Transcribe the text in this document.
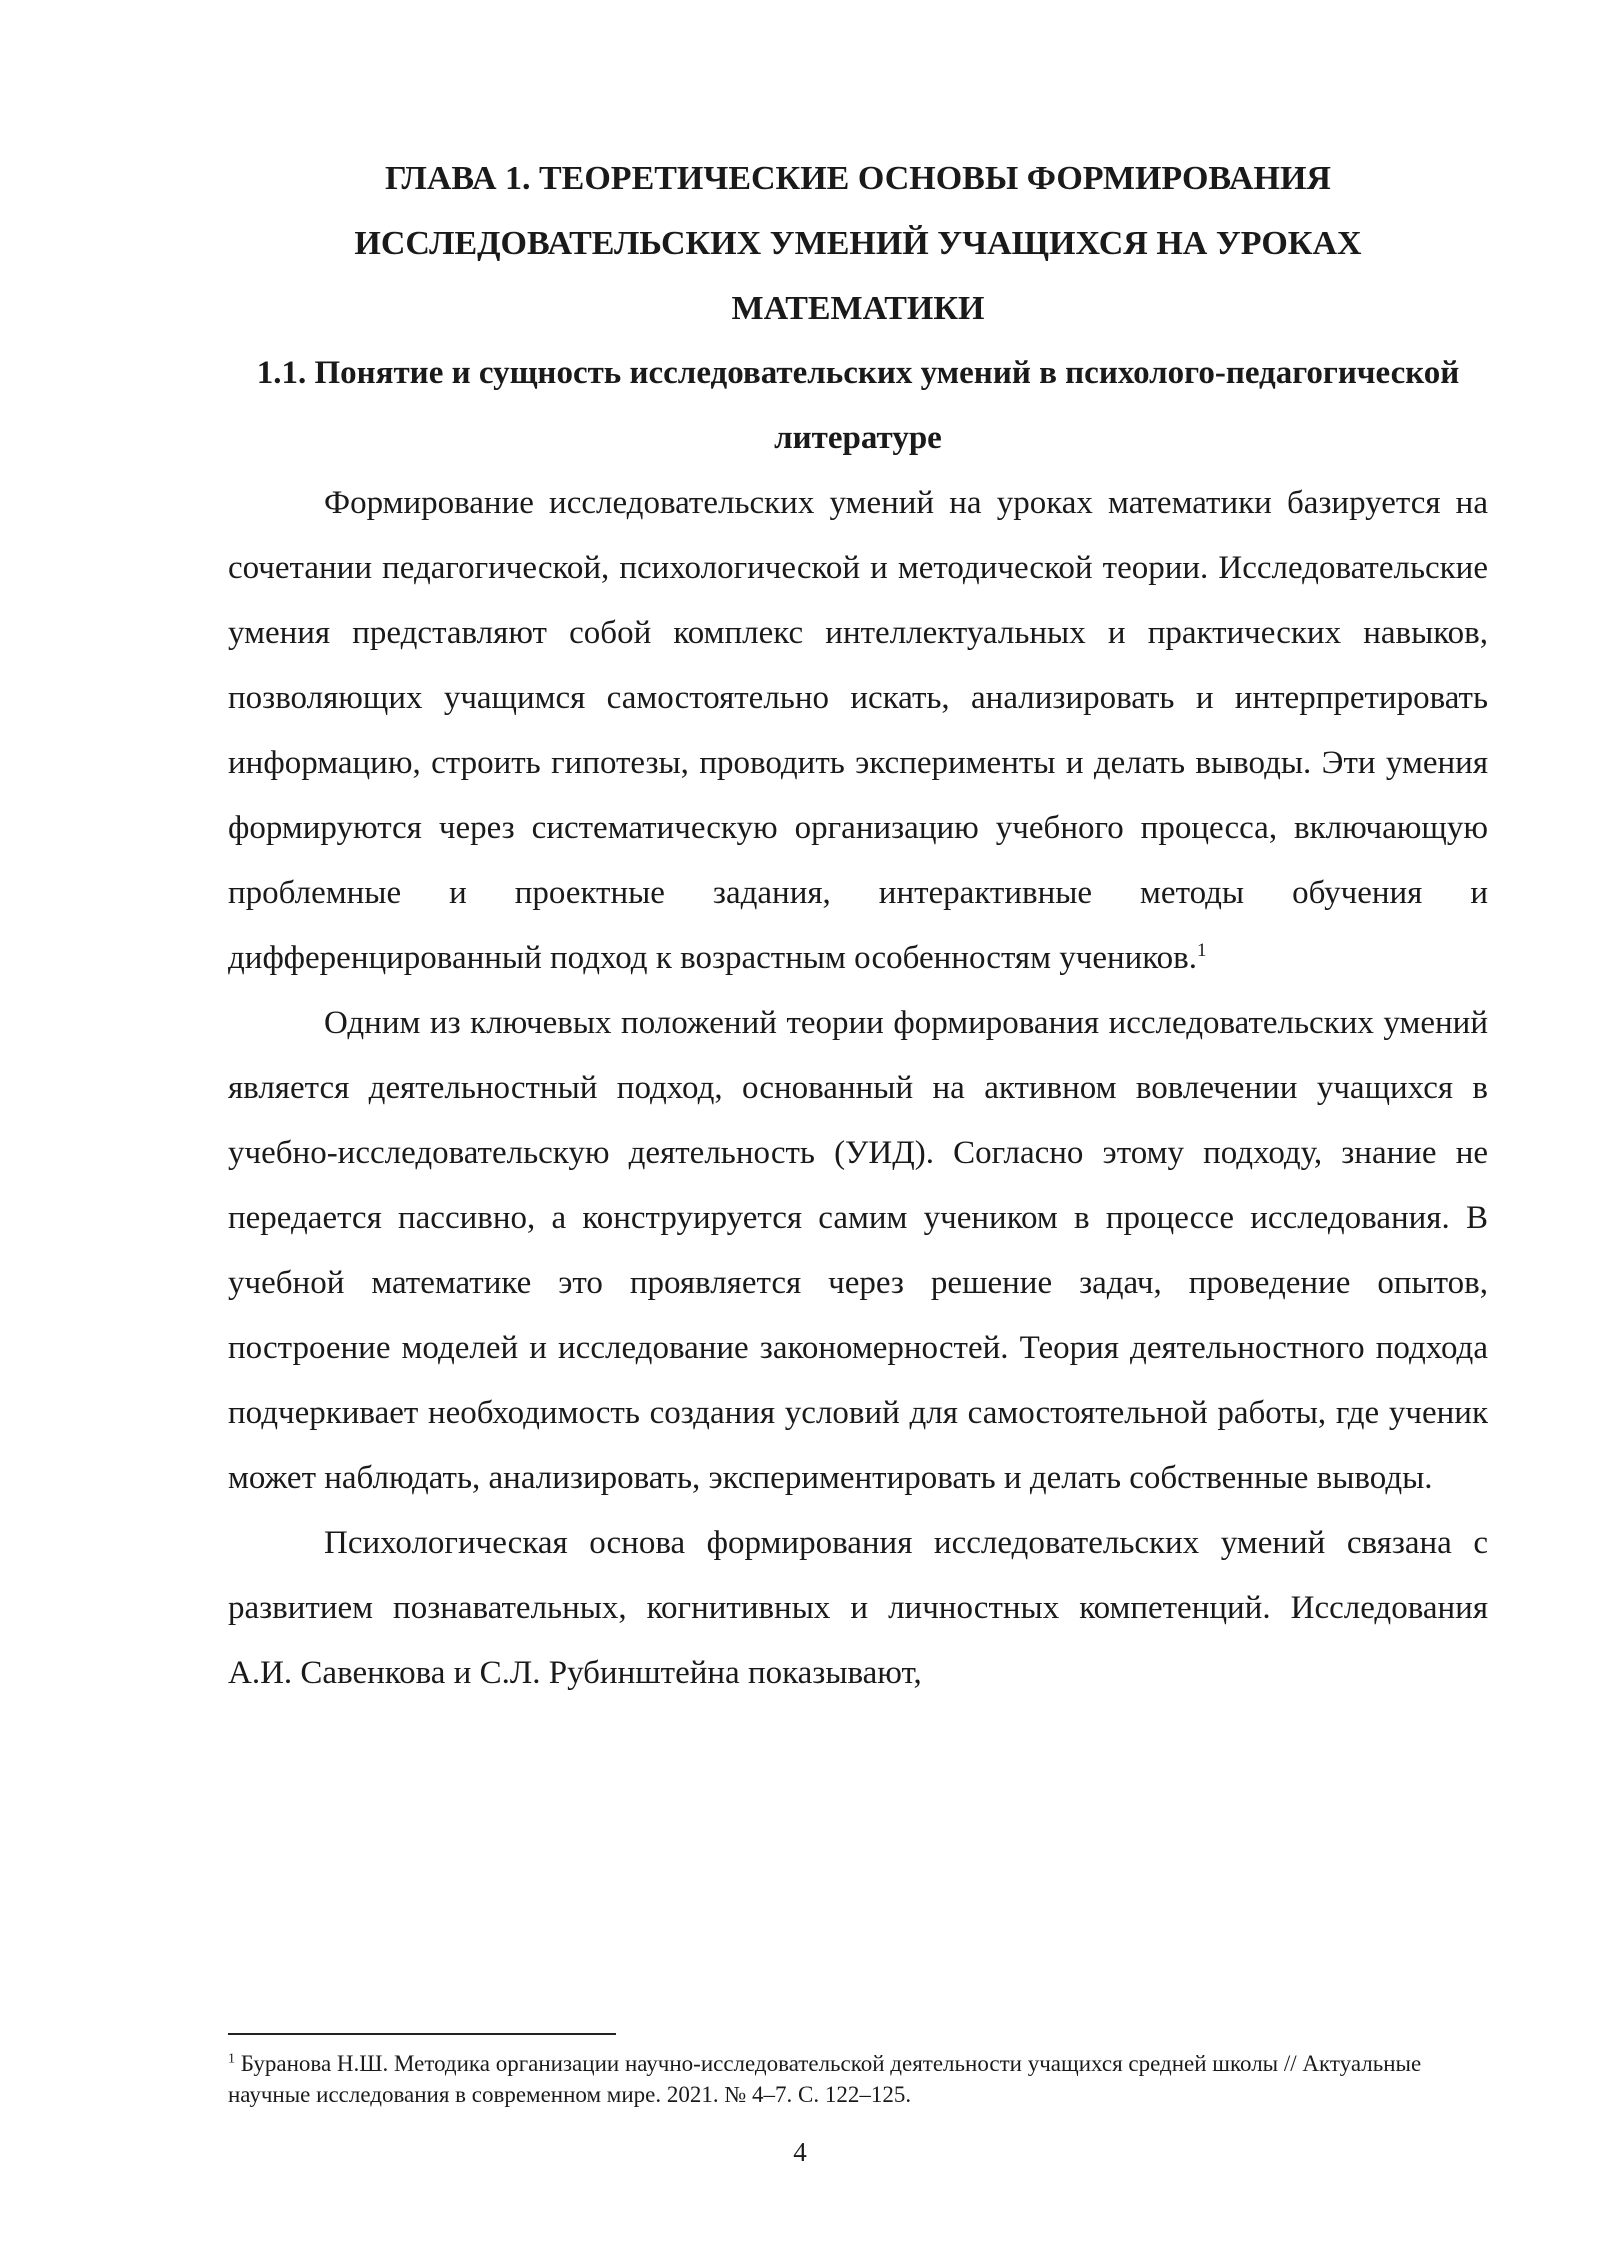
ГЛАВА 1. ТЕОРЕТИЧЕСКИЕ ОСНОВЫ ФОРМИРОВАНИЯ ИССЛЕДОВАТЕЛЬСКИХ УМЕНИЙ УЧАЩИХСЯ НА УРОКАХ МАТЕМАТИКИ
1.1. Понятие и сущность исследовательских умений в психолого-педагогической литературе

Формирование исследовательских умений на уроках математики базируется на сочетании педагогической, психологической и методической теории. Исследовательские умения представляют собой комплекс интеллектуальных и практических навыков, позволяющих учащимся самостоятельно искать, анализировать и интерпретировать информацию, строить гипотезы, проводить эксперименты и делать выводы. Эти умения формируются через систематическую организацию учебного процесса, включающую проблемные и проектные задания, интерактивные методы обучения и дифференцированный подход к возрастным особенностям учеников.$^1$

Одним из ключевых положений теории формирования исследовательских умений является деятельностный подход, основанный на активном вовлечении учащихся в учебно-исследовательскую деятельность (УИД). Согласно этому подходу, знание не передается пассивно, а конструируется самим учеником в процессе исследования. В учебной математике это проявляется через решение задач, проведение опытов, построение моделей и исследование закономерностей. Теория деятельностного подхода подчеркивает необходимость создания условий для самостоятельной работы, где ученик может наблюдать, анализировать, экспериментировать и делать собственные выводы.

Психологическая основа формирования исследовательских умений связана с развитием познавательных, когнитивных и личностных компетенций. Исследования А.И. Савенкова и С.Л. Рубинштейна показывают,

$^1$ Буранова Н.Ш. Методика организации научно-исследовательской деятельности учащихся средней школы // Актуальные научные исследования в современном мире. 2021. № 4–7. С. 122–125.

4
